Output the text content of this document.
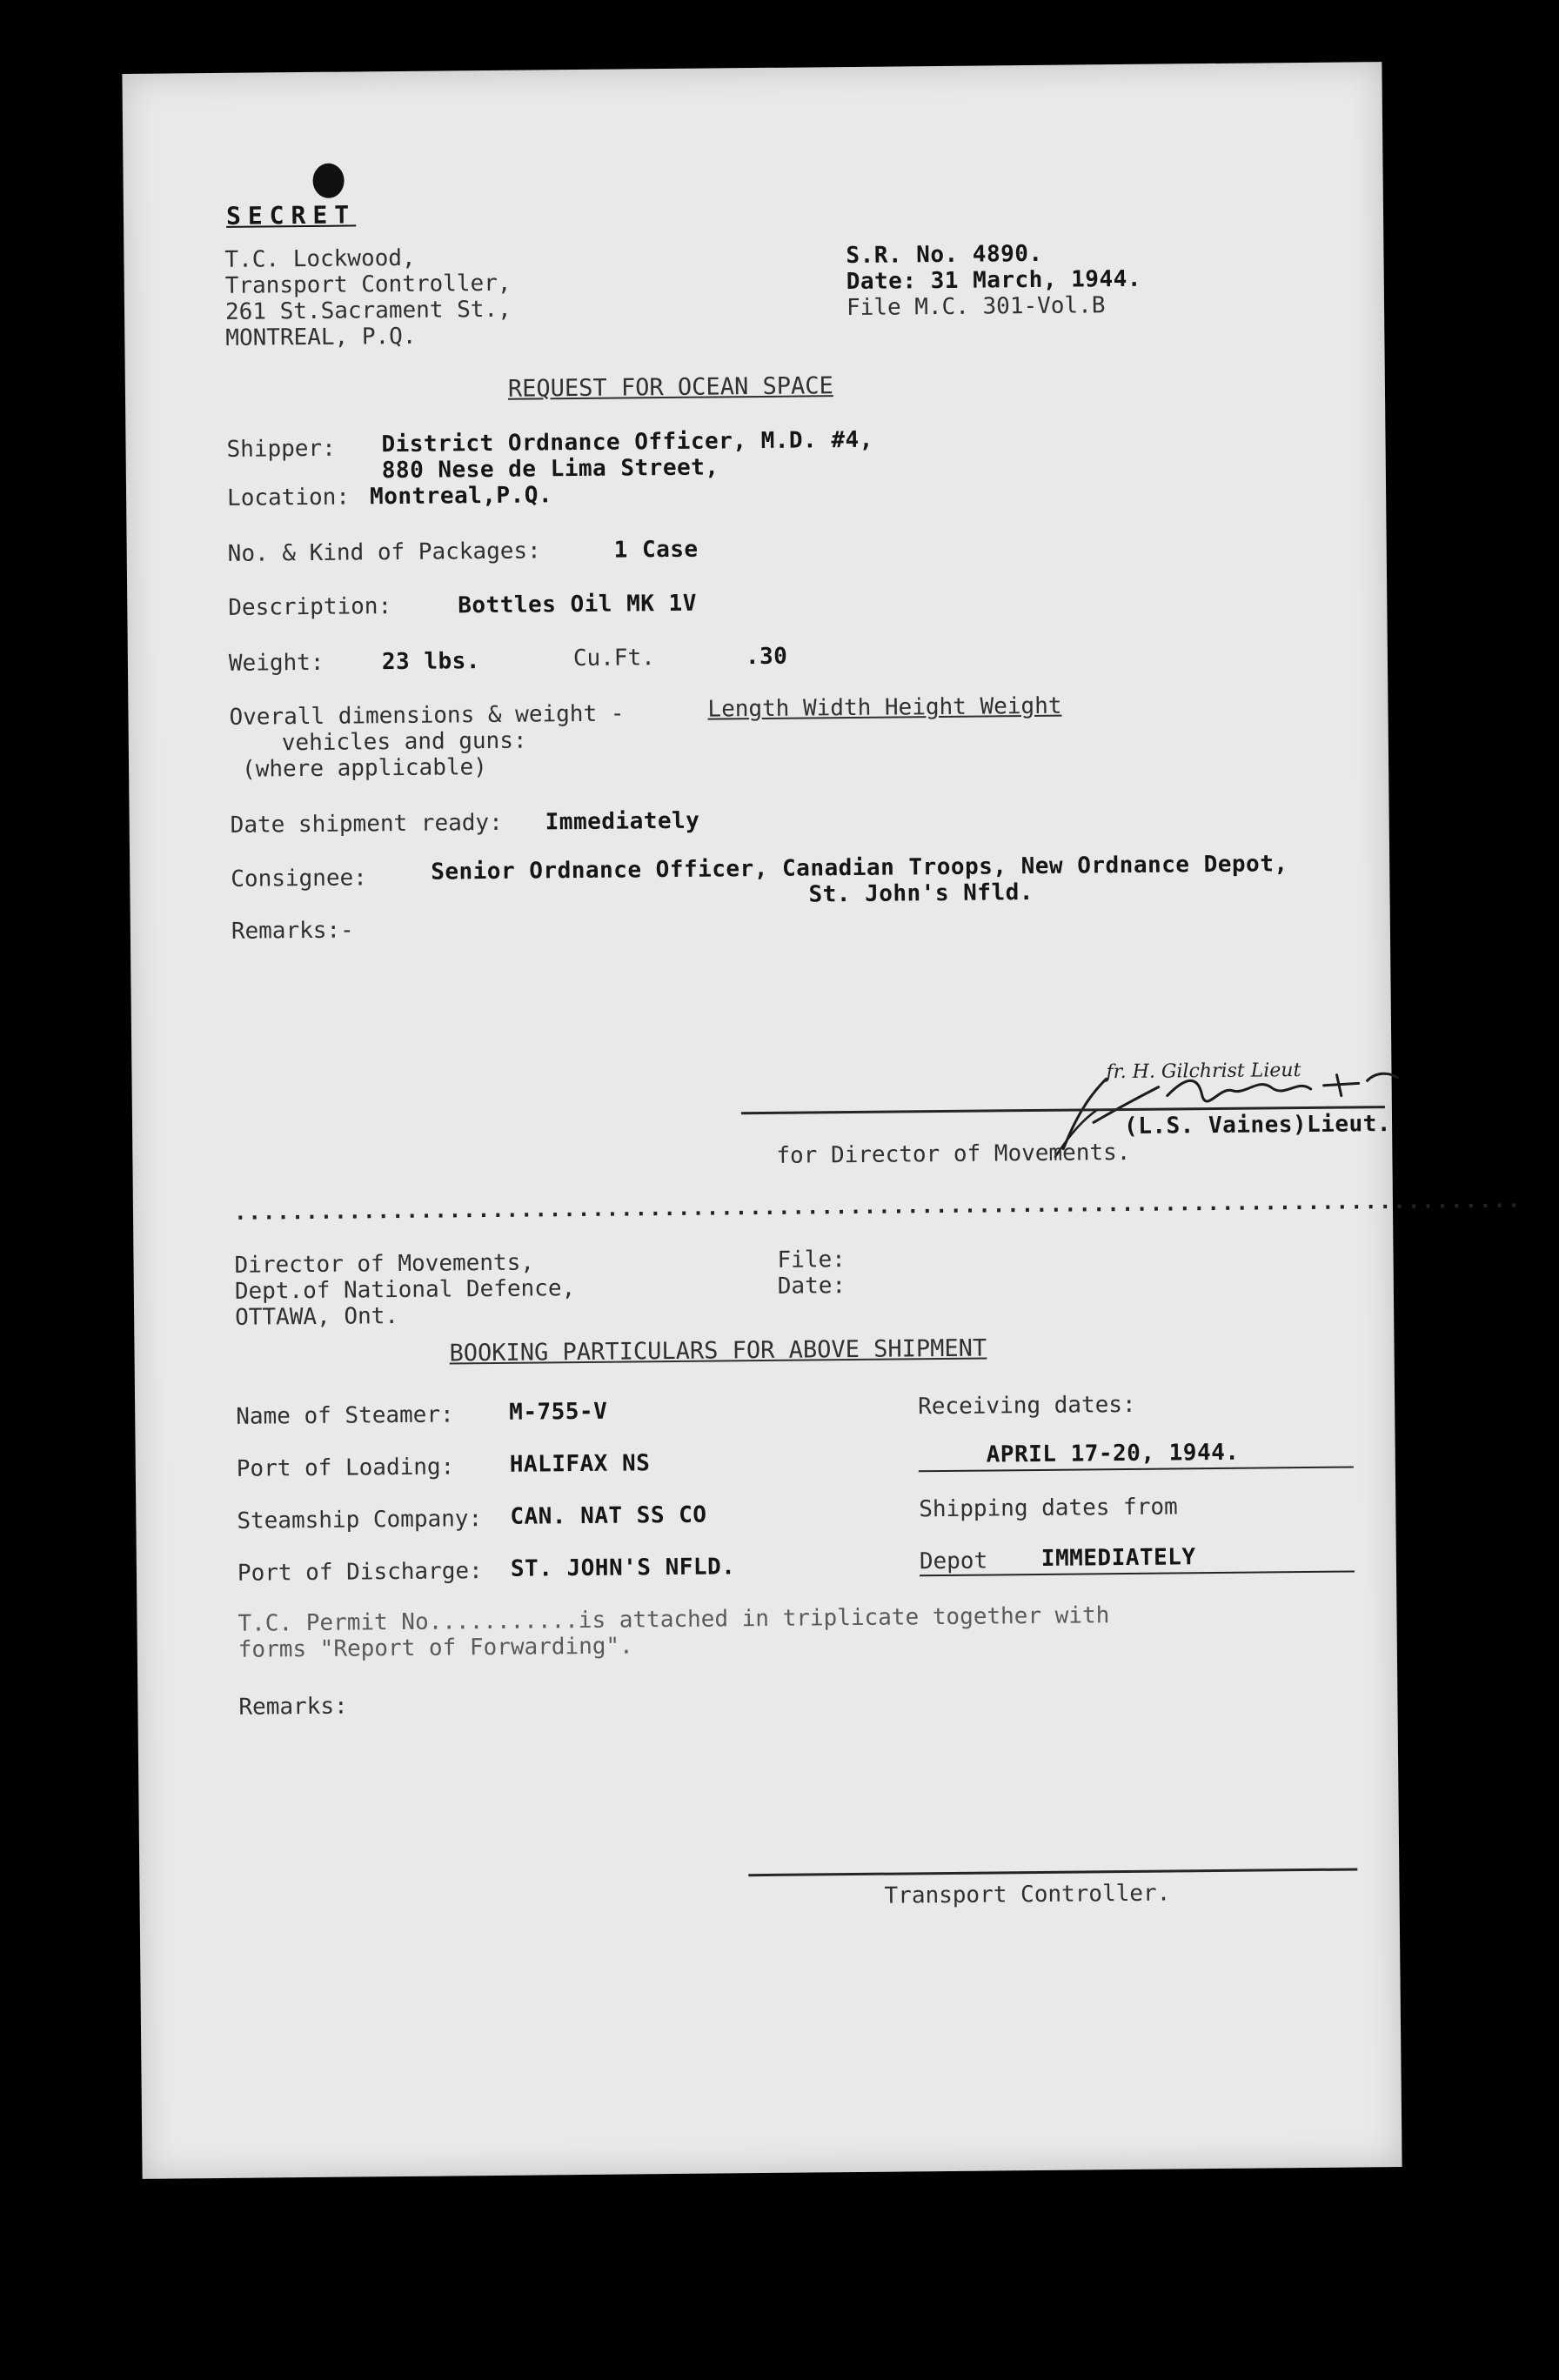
SECRET
T.C. Lockwood,
Transport Controller,
261 St.Sacrament St.,
MONTREAL, P.Q.
S.R. No. 4890.
Date: 31 March, 1944.
File M.C. 301-Vol.B
REQUEST FOR OCEAN SPACE
Shipper: District Ordnance Officer, M.D. #4,
880 Nese de Lima Street,
Location: Montreal,P.Q.
No. & Kind of Packages:	1 Case
Description:	Bottles Oil MK 1V
Weight:	23 lbs.	Cu.Ft.	.30
Overall dimensions & weight -	Length Width Height Weight
vehicles and guns:
(where applicable)
Date shipment ready: Immediately
Consignee:	Senior Ordnance Officer, Canadian Troops, New Ordnance Depot,
St. John's Nfld.
Remarks:-
fr. H. Gilchrist Lieut
(L.S. Vaines)Lieut.
for Director of Movements.
..........................................................................................
Director of Movements,
Dept.of National Defence,
OTTAWA, Ont.
File:
Date:
BOOKING PARTICULARS FOR ABOVE SHIPMENT
Name of Steamer: M-755-V	Receiving dates:
Port of Loading: HALIFAX NS	APRIL 17-20, 1944.
Steamship Company: CAN. NAT SS CO	Shipping dates from
Port of Discharge: ST. JOHN'S NFLD.	Depot IMMEDIATELY
T.C. Permit No...........is attached in triplicate together with
forms "Report of Forwarding".
Remarks:
Transport Controller.
